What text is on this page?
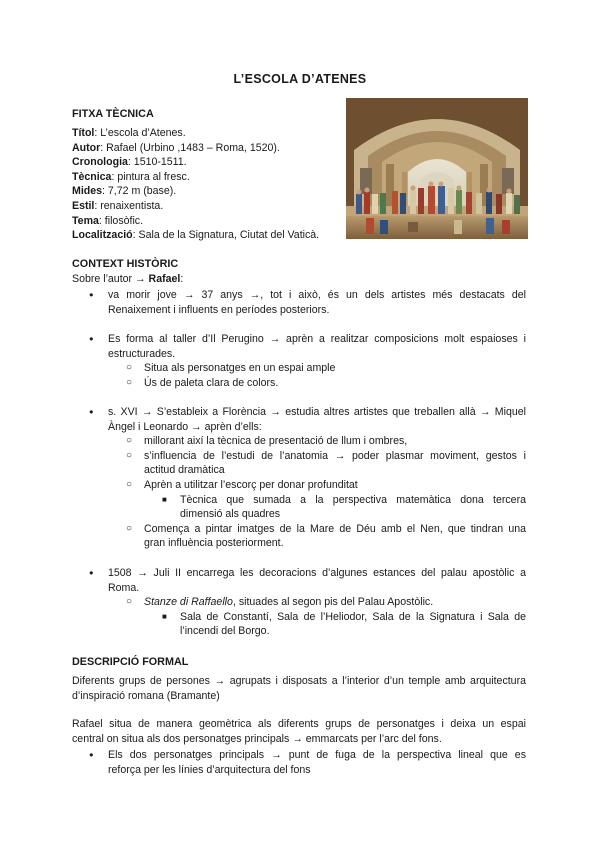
L’ESCOLA D’ATENES
FITXA TÈCNICA
Títol: L’escola d’Atenes.
Autor: Rafael (Urbino ,1483 – Roma, 1520).
Cronologia: 1510-1511.
Tècnica: pintura al fresc.
Mides: 7,72 m (base).
Estil: renaixentista.
Tema: filosòfic.
Localització: Sala de la Signatura, Ciutat del Vaticà.
CONTEXT HISTÒRIC
Sobre l’autor → Rafael:
● va morir jove → 37 anys →, tot i això, és un dels artistes més destacats del
Renaixement i influents en períodes posteriors.
● Es forma al taller d’Il Perugino → aprèn a realitzar composicions molt espaioses i
estructurades.
○ Situa als personatges en un espai ample
○ Ús de paleta clara de colors.
● s. XVI → S’estableix a Florència → estudia altres artistes que treballen allà → Miquel
Àngel i Leonardo → aprèn d’ells:
○ millorant així la tècnica de presentació de llum i ombres,
○ s’influencia de l’estudi de l’anatomia → poder plasmar moviment, gestos i
actitud dramàtica
○ Aprèn a utilitzar l’escorç per donar profunditat
■ Tècnica que sumada a la perspectiva matemàtica dona tercera
dimensió als quadres
○ Comença a pintar imatges de la Mare de Déu amb el Nen, que tindran una
gran influència posteriorment.
● 1508 → Juli II encarrega les decoracions d’algunes estances del palau apostòlic a
Roma.
○ Stanze di Raffaello, situades al segon pis del Palau Apostòlic.
■ Sala de Constantí, Sala de l’Heliodor, Sala de la Signatura i Sala de
l’incendi del Borgo.
DESCRIPCIÓ FORMAL
Diferents grups de persones → agrupats i disposats a l’interior d’un temple amb arquitectura
d’inspiració romana (Bramante)
Rafael situa de manera geomètrica als diferents grups de personatges i deixa un espai
central on situa als dos personatges principals → emmarcats per l’arc del fons.
● Els dos personatges principals → punt de fuga de la perspectiva lineal que es
reforça per les línies d’arquitectura del fons
